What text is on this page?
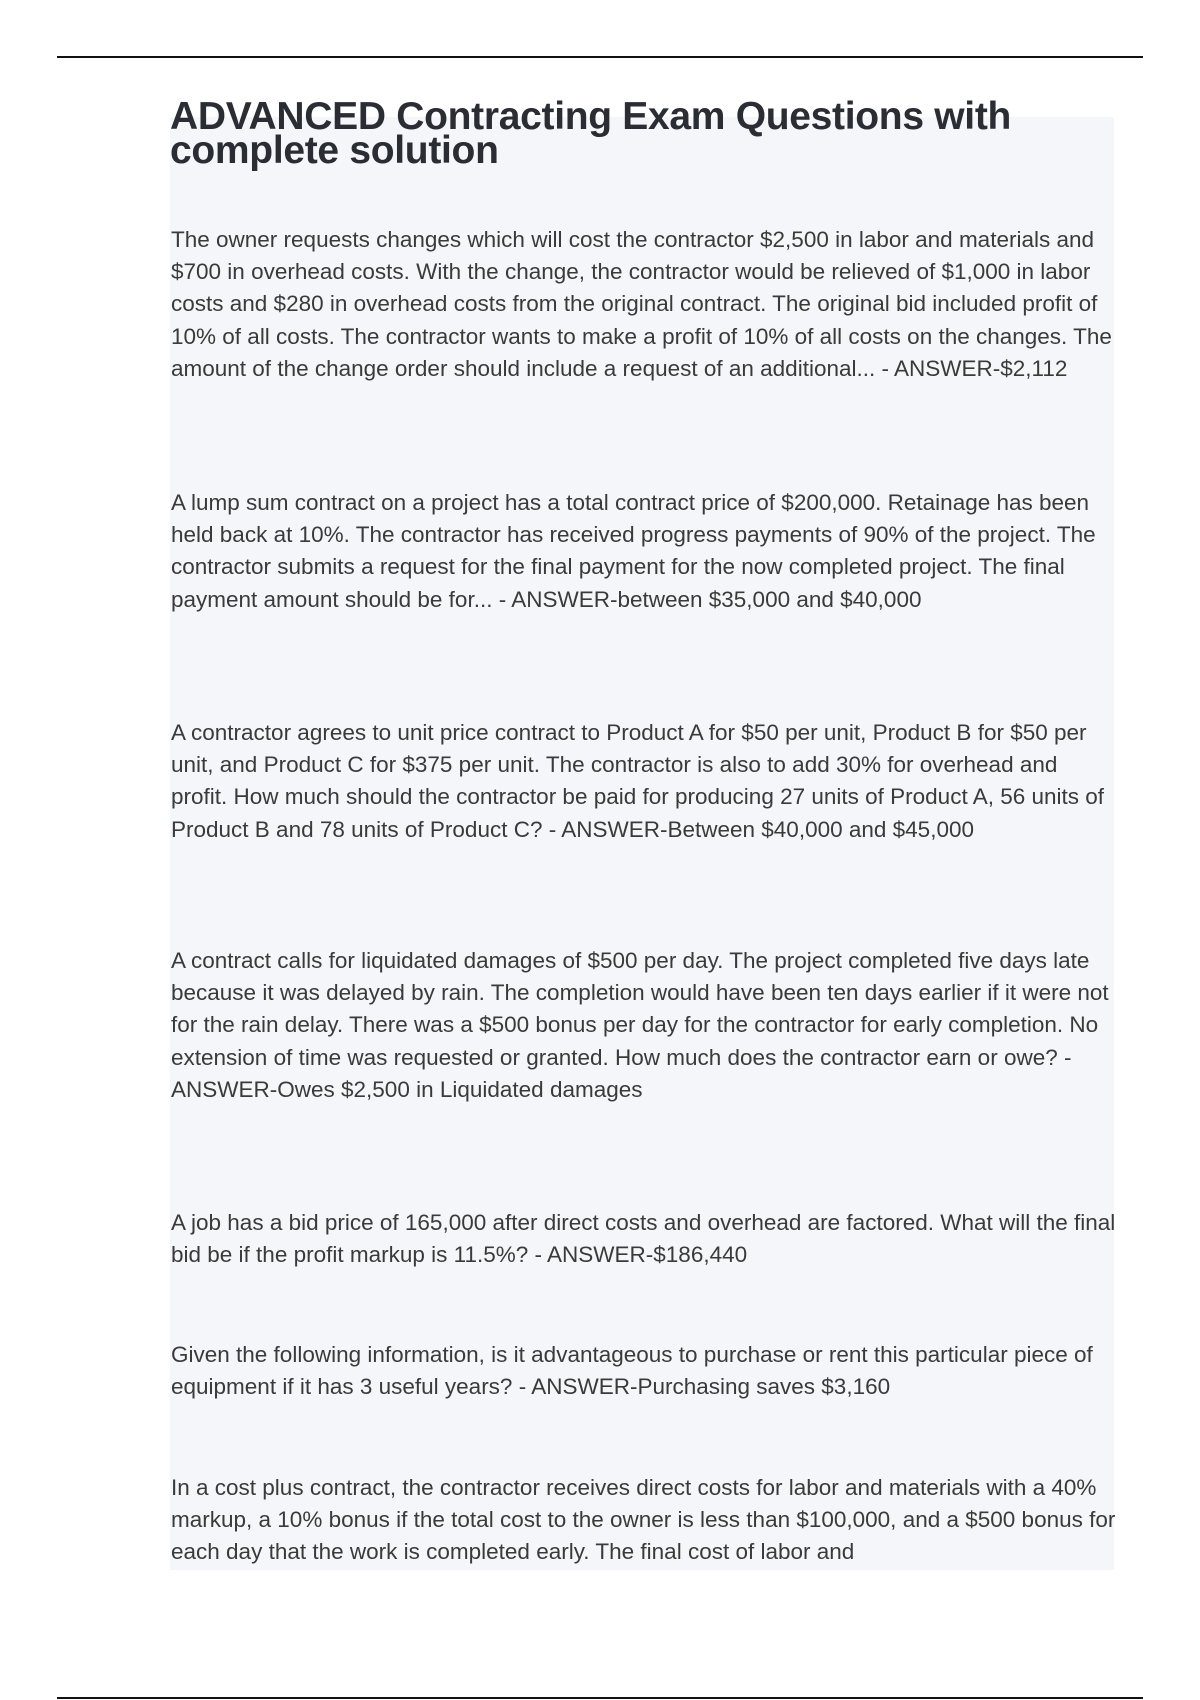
ADVANCED Contracting Exam Questions with complete solution

The owner requests changes which will cost the contractor $2,500 in labor and materials and $700 in overhead costs. With the change, the contractor would be relieved of $1,000 in labor costs and $280 in overhead costs from the original contract. The original bid included profit of 10% of all costs. The contractor wants to make a profit of 10% of all costs on the changes. The amount of the change order should include a request of an additional... - ANSWER-$2,112

A lump sum contract on a project has a total contract price of $200,000. Retainage has been held back at 10%. The contractor has received progress payments of 90% of the project. The contractor submits a request for the final payment for the now completed project. The final payment amount should be for... - ANSWER-between $35,000 and $40,000

A contractor agrees to unit price contract to Product A for $50 per unit, Product B for $50 per unit, and Product C for $375 per unit. The contractor is also to add 30% for overhead and profit. How much should the contractor be paid for producing 27 units of Product A, 56 units of Product B and 78 units of Product C? - ANSWER-Between $40,000 and $45,000

A contract calls for liquidated damages of $500 per day. The project completed five days late because it was delayed by rain. The completion would have been ten days earlier if it were not for the rain delay. There was a $500 bonus per day for the contractor for early completion. No extension of time was requested or granted. How much does the contractor earn or owe? - ANSWER-Owes $2,500 in Liquidated damages

A job has a bid price of 165,000 after direct costs and overhead are factored. What will the final bid be if the profit markup is 11.5%? - ANSWER-$186,440

Given the following information, is it advantageous to purchase or rent this particular piece of equipment if it has 3 useful years? - ANSWER-Purchasing saves $3,160

In a cost plus contract, the contractor receives direct costs for labor and materials with a 40% markup, a 10% bonus if the total cost to the owner is less than $100,000, and a $500 bonus for each day that the work is completed early. The final cost of labor and
